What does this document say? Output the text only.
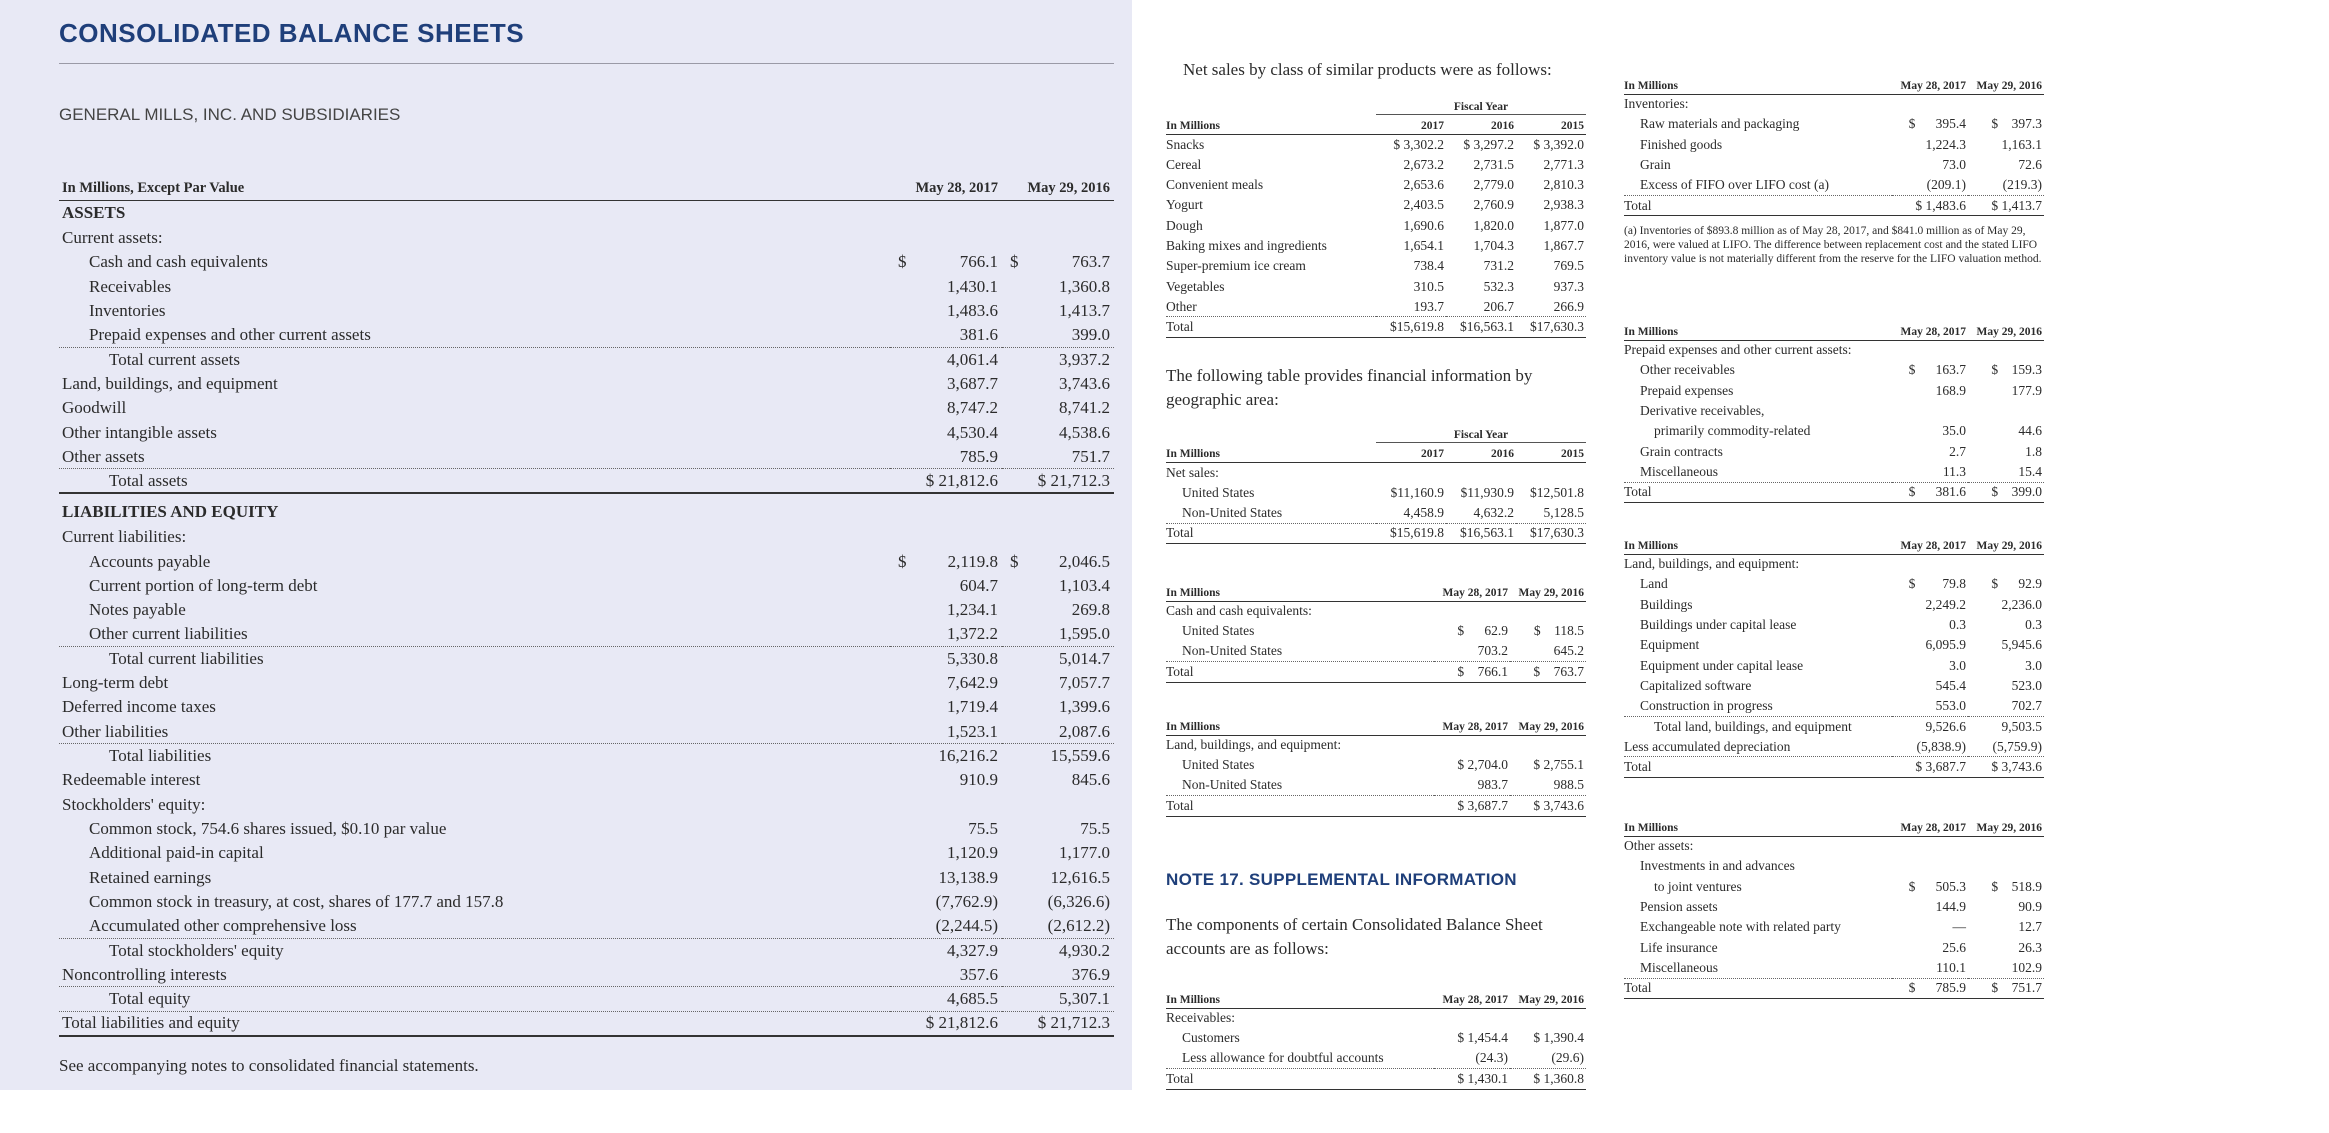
CONSOLIDATED BALANCE SHEETS
GENERAL MILLS, INC. AND SUBSIDIARIES
In Millions, Except Par Value	May 28, 2017	May 29, 2016
ASSETS		
Current assets:		
Cash and cash equivalents	$ 766.1	$ 763.7
Receivables	1,430.1	1,360.8
Inventories	1,483.6	1,413.7
Prepaid expenses and other current assets	381.6	399.0
Total current assets	4,061.4	3,937.2
Land, buildings, and equipment	3,687.7	3,743.6
Goodwill	8,747.2	8,741.2
Other intangible assets	4,530.4	4,538.6
Other assets	785.9	751.7
Total assets	$ 21,812.6	$ 21,712.3

LIABILITIES AND EQUITY		
Current liabilities:		
Accounts payable	$ 2,119.8	$ 2,046.5
Current portion of long-term debt	604.7	1,103.4
Notes payable	1,234.1	269.8
Other current liabilities	1,372.2	1,595.0
Total current liabilities	5,330.8	5,014.7
Long-term debt	7,642.9	7,057.7
Deferred income taxes	1,719.4	1,399.6
Other liabilities	1,523.1	2,087.6
Total liabilities	16,216.2	15,559.6
Redeemable interest	910.9	845.6
Stockholders' equity:		
Common stock, 754.6 shares issued, $0.10 par value	75.5	75.5
Additional paid-in capital	1,120.9	1,177.0
Retained earnings	13,138.9	12,616.5
Common stock in treasury, at cost, shares of 177.7 and 157.8	(7,762.9)	(6,326.6)
Accumulated other comprehensive loss	(2,244.5)	(2,612.2)
Total stockholders' equity	4,327.9	4,930.2
Noncontrolling interests	357.6	376.9
Total equity	4,685.5	5,307.1
Total liabilities and equity	$ 21,812.6	$ 21,712.3
See accompanying notes to consolidated financial statements.
Net sales by class of similar products were as follows:
	Fiscal Year		
In Millions	2017	2016	2015
Snacks	$ 3,302.2	$ 3,297.2	$ 3,392.0
Cereal	2,673.2	2,731.5	2,771.3
Convenient meals	2,653.6	2,779.0	2,810.3
Yogurt	2,403.5	2,760.9	2,938.3
Dough	1,690.6	1,820.0	1,877.0
Baking mixes and ingredients	1,654.1	1,704.3	1,867.7
Super-premium ice cream	738.4	731.2	769.5
Vegetables	310.5	532.3	937.3
Other	193.7	206.7	266.9
Total	$15,619.8	$16,563.1	$17,630.3
The following table provides financial information by geographic area:
	Fiscal Year		
In Millions	2017	2016	2015
Net sales:			
United States	$11,160.9	$11,930.9	$12,501.8
Non-United States	4,458.9	4,632.2	5,128.5
Total	$15,619.8	$16,563.1	$17,630.3
In Millions	May 28, 2017	May 29, 2016
Cash and cash equivalents:		
United States	$      62.9	$    118.5
Non-United States	703.2	645.2
Total	$    766.1	$    763.7
In Millions	May 28, 2017	May 29, 2016
Land, buildings, and equipment:		
United States	$ 2,704.0	$ 2,755.1
Non-United States	983.7	988.5
Total	$ 3,687.7	$ 3,743.6
NOTE 17. SUPPLEMENTAL INFORMATION
The components of certain Consolidated Balance Sheet accounts are as follows:
In Millions	May 28, 2017	May 29, 2016
Receivables:		
Customers	$ 1,454.4	$ 1,390.4
Less allowance for doubtful accounts	(24.3)	(29.6)
Total	$ 1,430.1	$ 1,360.8
In Millions	May 28, 2017	May 29, 2016
Inventories:		
Raw materials and packaging	$      395.4	$    397.3
Finished goods	1,224.3	1,163.1
Grain	73.0	72.6
Excess of FIFO over LIFO cost (a)	(209.1)	(219.3)
Total	$ 1,483.6	$ 1,413.7
(a) Inventories of $893.8 million as of May 28, 2017, and $841.0 million as of May 29, 2016, were valued at LIFO. The difference between replacement cost and the stated LIFO inventory value is not materially different from the reserve for the LIFO valuation method.
In Millions	May 28, 2017	May 29, 2016
Prepaid expenses and other current assets:		
Other receivables	$      163.7	$    159.3
Prepaid expenses	168.9	177.9
Derivative receivables,		
primarily commodity-related	35.0	44.6
Grain contracts	2.7	1.8
Miscellaneous	11.3	15.4
Total	$      381.6	$    399.0
In Millions	May 28, 2017	May 29, 2016
Land, buildings, and equipment:		
Land	$        79.8	$      92.9
Buildings	2,249.2	2,236.0
Buildings under capital lease	0.3	0.3
Equipment	6,095.9	5,945.6
Equipment under capital lease	3.0	3.0
Capitalized software	545.4	523.0
Construction in progress	553.0	702.7
Total land, buildings, and equipment	9,526.6	9,503.5
Less accumulated depreciation	(5,838.9)	(5,759.9)
Total	$ 3,687.7	$ 3,743.6
In Millions	May 28, 2017	May 29, 2016
Other assets:		
Investments in and advances		
to joint ventures	$      505.3	$    518.9
Pension assets	144.9	90.9
Exchangeable note with related party	—	12.7
Life insurance	25.6	26.3
Miscellaneous	110.1	102.9
Total	$      785.9	$    751.7
